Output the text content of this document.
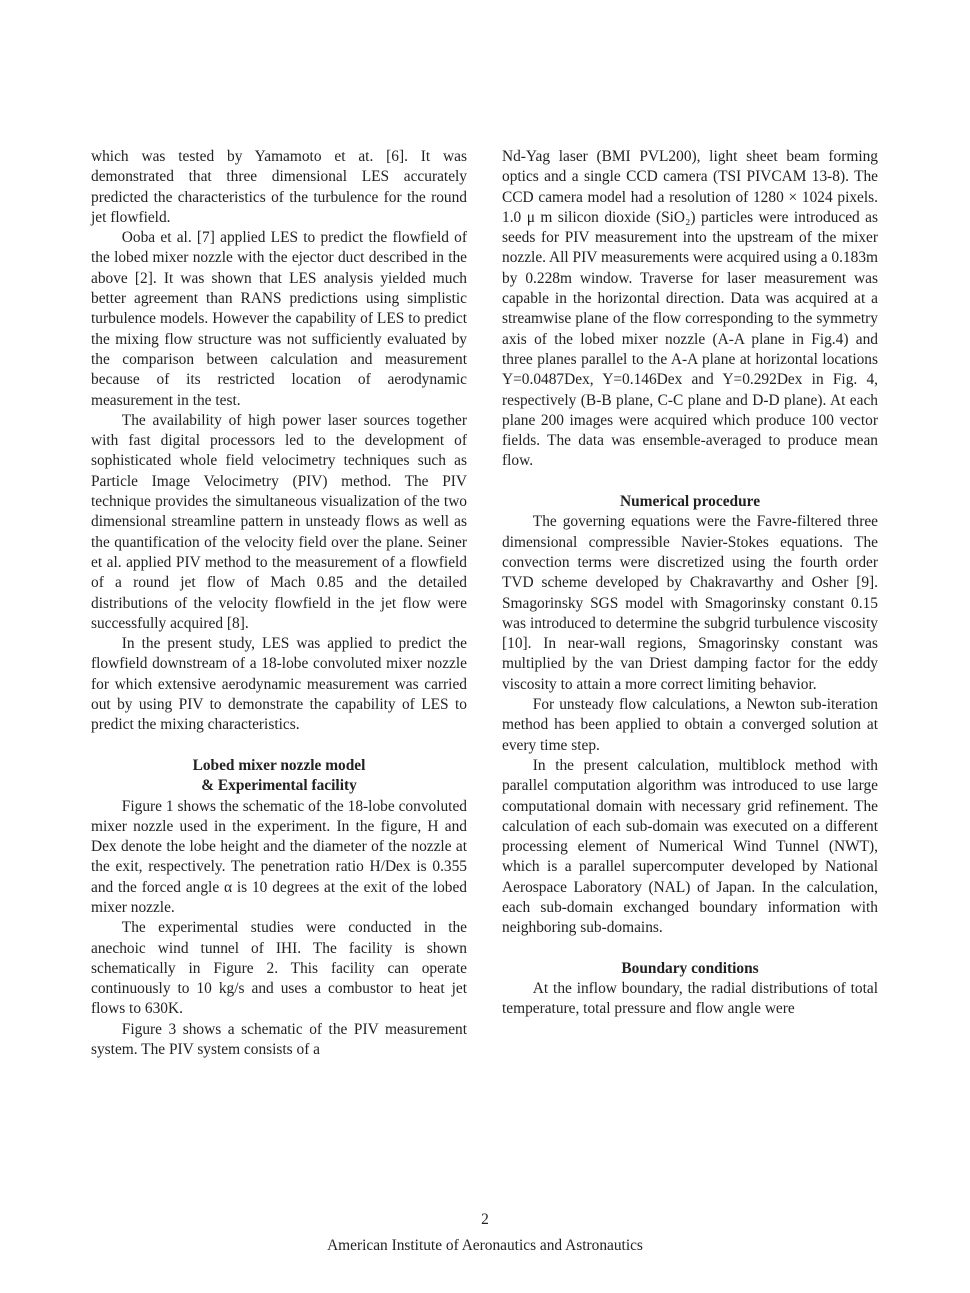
which was tested by Yamamoto et at. [6]. It was demonstrated that three dimensional LES accurately predicted the characteristics of the turbulence for the round jet flowfield.

Ooba et al. [7] applied LES to predict the flowfield of the lobed mixer nozzle with the ejector duct described in the above [2]. It was shown that LES analysis yielded much better agreement than RANS predictions using simplistic turbulence models. However the capability of LES to predict the mixing flow structure was not sufficiently evaluated by the comparison between calculation and measurement because of its restricted location of aerodynamic measurement in the test.

The availability of high power laser sources together with fast digital processors led to the development of sophisticated whole field velocimetry techniques such as Particle Image Velocimetry (PIV) method. The PIV technique provides the simultaneous visualization of the two dimensional streamline pattern in unsteady flows as well as the quantification of the velocity field over the plane. Seiner et al. applied PIV method to the measurement of a flowfield of a round jet flow of Mach 0.85 and the detailed distributions of the velocity flowfield in the jet flow were successfully acquired [8].

In the present study, LES was applied to predict the flowfield downstream of a 18-lobe convoluted mixer nozzle for which extensive aerodynamic measurement was carried out by using PIV to demonstrate the capability of LES to predict the mixing characteristics.

Lobed mixer nozzle model
& Experimental facility

Figure 1 shows the schematic of the 18-lobe convoluted mixer nozzle used in the experiment. In the figure, H and Dex denote the lobe height and the diameter of the nozzle at the exit, respectively. The penetration ratio H/Dex is 0.355 and the forced angle α is 10 degrees at the exit of the lobed mixer nozzle.

The experimental studies were conducted in the anechoic wind tunnel of IHI. The facility is shown schematically in Figure 2. This facility can operate continuously to 10 kg/s and uses a combustor to heat jet flows to 630K.

Figure 3 shows a schematic of the PIV measurement system. The PIV system consists of a

Nd-Yag laser (BMI PVL200), light sheet beam forming optics and a single CCD camera (TSI PIVCAM 13-8). The CCD camera model had a resolution of 1280 × 1024 pixels. 1.0 μ m silicon dioxide (SiO₂) particles were introduced as seeds for PIV measurement into the upstream of the mixer nozzle. All PIV measurements were acquired using a 0.183m by 0.228m window. Traverse for laser measurement was capable in the horizontal direction. Data was acquired at a streamwise plane of the flow corresponding to the symmetry axis of the lobed mixer nozzle (A-A plane in Fig.4) and three planes parallel to the A-A plane at horizontal locations Y=0.0487Dex, Y=0.146Dex and Y=0.292Dex in Fig. 4, respectively (B-B plane, C-C plane and D-D plane). At each plane 200 images were acquired which produce 100 vector fields. The data was ensemble-averaged to produce mean flow.

Numerical procedure

The governing equations were the Favre-filtered three dimensional compressible Navier-Stokes equations. The convection terms were discretized using the fourth order TVD scheme developed by Chakravarthy and Osher [9]. Smagorinsky SGS model with Smagorinsky constant 0.15 was introduced to determine the subgrid turbulence viscosity [10]. In near-wall regions, Smagorinsky constant was multiplied by the van Driest damping factor for the eddy viscosity to attain a more correct limiting behavior.

For unsteady flow calculations, a Newton sub-iteration method has been applied to obtain a converged solution at every time step.

In the present calculation, multiblock method with parallel computation algorithm was introduced to use large computational domain with necessary grid refinement. The calculation of each sub-domain was executed on a different processing element of Numerical Wind Tunnel (NWT), which is a parallel supercomputer developed by National Aerospace Laboratory (NAL) of Japan. In the calculation, each sub-domain exchanged boundary information with neighboring sub-domains.

Boundary conditions

At the inflow boundary, the radial distributions of total temperature, total pressure and flow angle were

2
American Institute of Aeronautics and Astronautics
